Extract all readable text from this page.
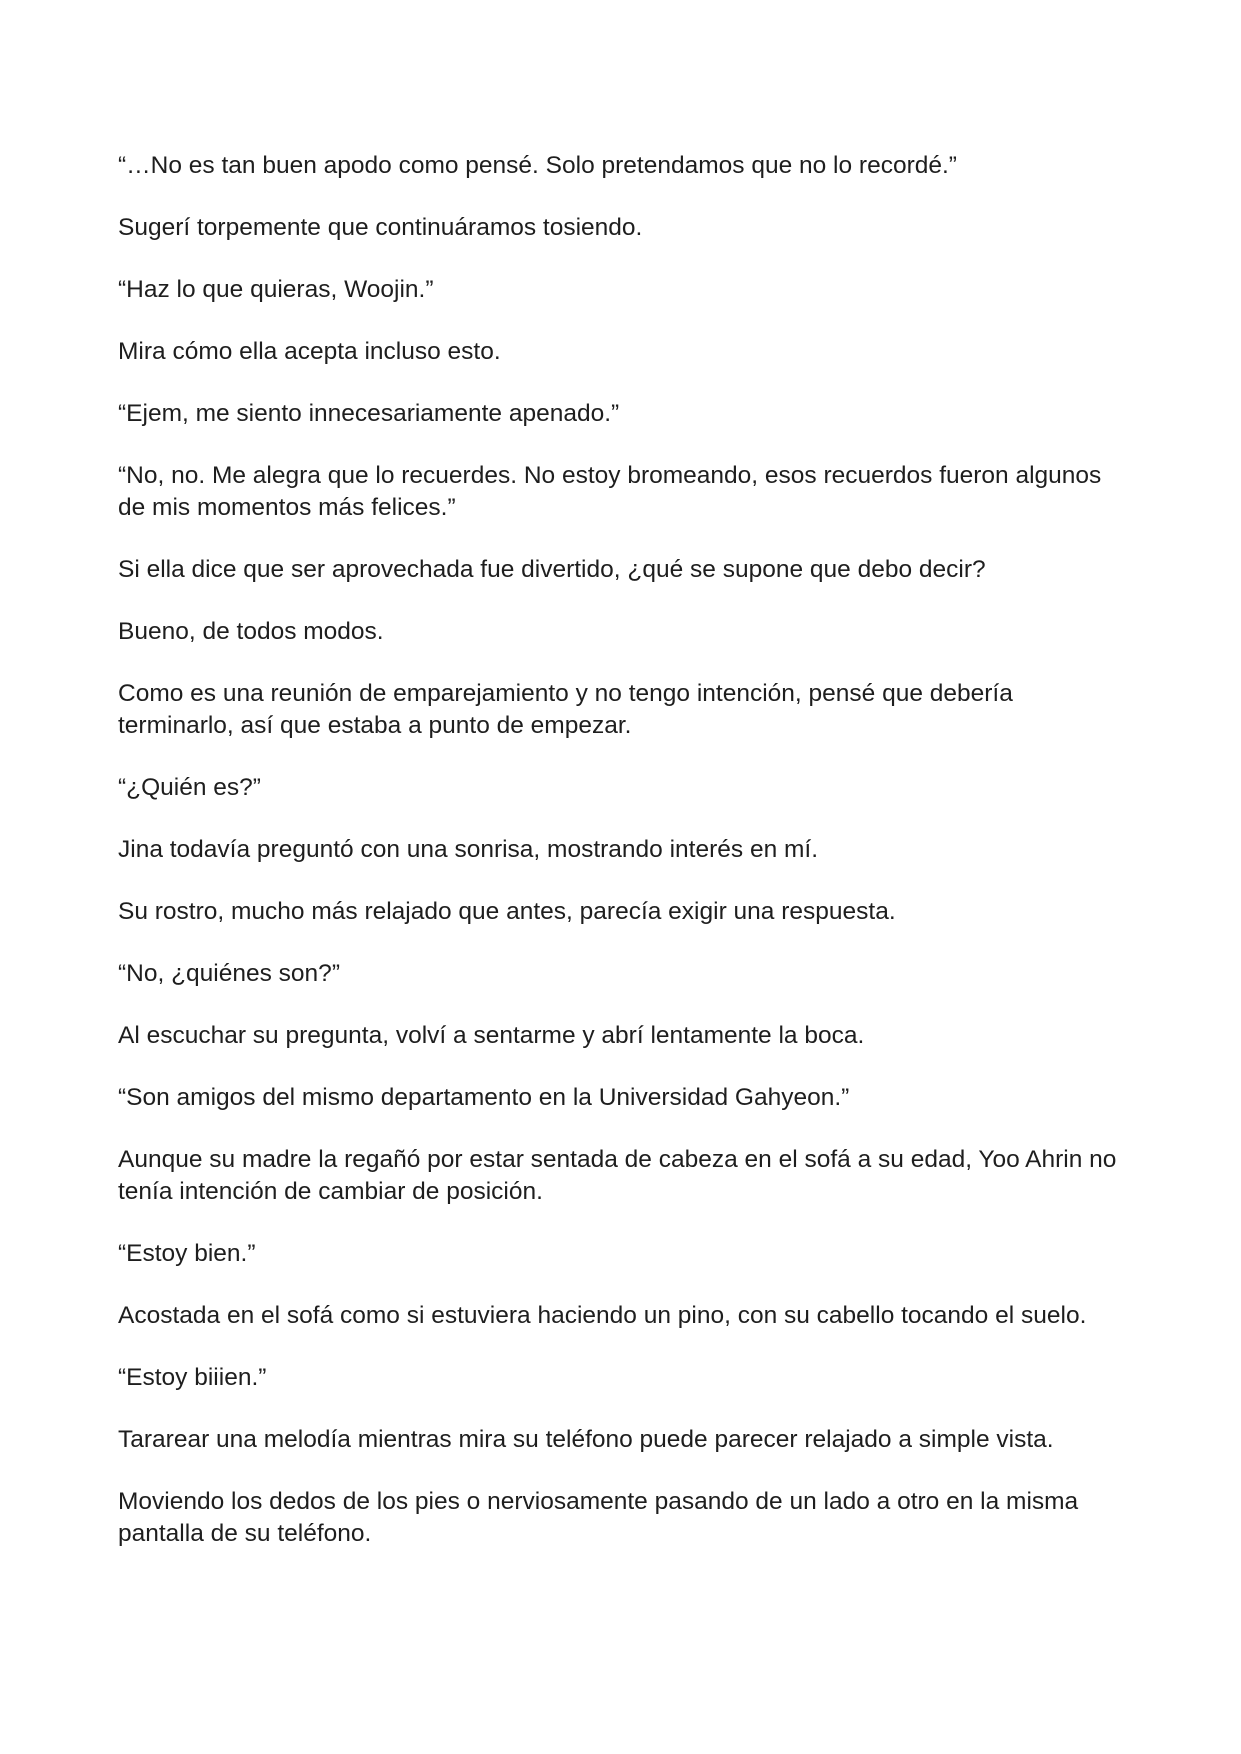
“…No es tan buen apodo como pensé. Solo pretendamos que no lo recordé.”

Sugerí torpemente que continuáramos tosiendo.

“Haz lo que quieras, Woojin.”

Mira cómo ella acepta incluso esto.

“Ejem, me siento innecesariamente apenado.”

“No, no. Me alegra que lo recuerdes. No estoy bromeando, esos recuerdos fueron algunos de mis momentos más felices.”

Si ella dice que ser aprovechada fue divertido, ¿qué se supone que debo decir?

Bueno, de todos modos.

Como es una reunión de emparejamiento y no tengo intención, pensé que debería terminarlo, así que estaba a punto de empezar.

“¿Quién es?”

Jina todavía preguntó con una sonrisa, mostrando interés en mí.

Su rostro, mucho más relajado que antes, parecía exigir una respuesta.

“No, ¿quiénes son?”

Al escuchar su pregunta, volví a sentarme y abrí lentamente la boca.

“Son amigos del mismo departamento en la Universidad Gahyeon.”

Aunque su madre la regañó por estar sentada de cabeza en el sofá a su edad, Yoo Ahrin no tenía intención de cambiar de posición.

“Estoy bien.”

Acostada en el sofá como si estuviera haciendo un pino, con su cabello tocando el suelo.

“Estoy biiien.”

Tararear una melodía mientras mira su teléfono puede parecer relajado a simple vista.

Moviendo los dedos de los pies o nerviosamente pasando de un lado a otro en la misma pantalla de su teléfono.
